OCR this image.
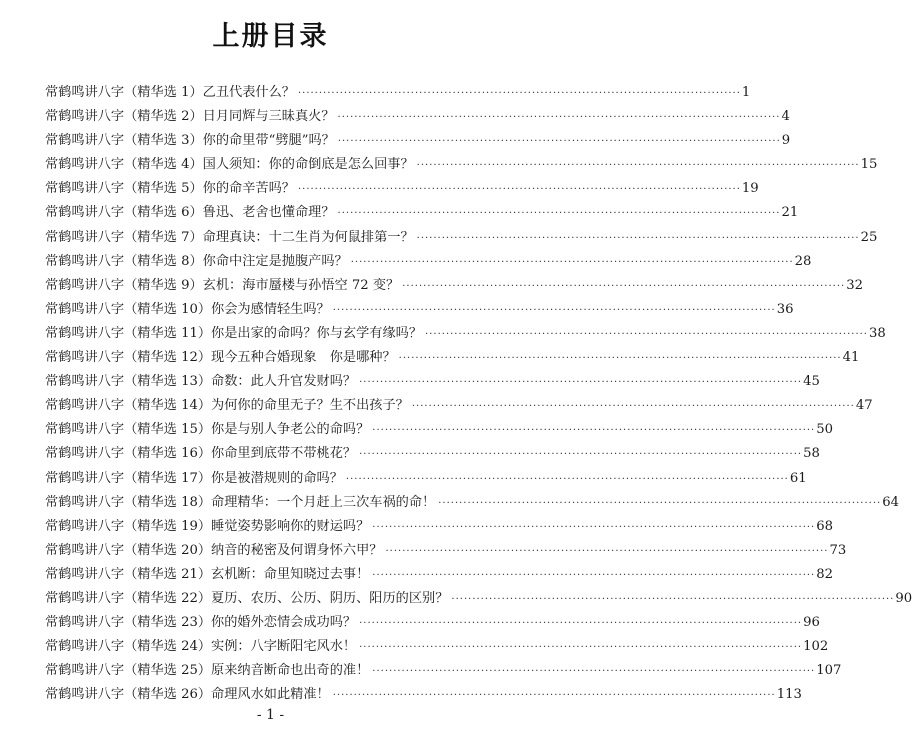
上册目录
常鹤鸣讲八字（精华选 1）乙丑代表什么？ ·····	1
常鹤鸣讲八字（精华选 2）日月同辉与三昧真火？ ·····	4
常鹤鸣讲八字（精华选 3）你的命里带“劈腿”吗？ ·····	9
常鹤鸣讲八字（精华选 4）国人须知：你的命倒底是怎么回事？ ·····	15
常鹤鸣讲八字（精华选 5）你的命辛苦吗？ ·····	19
常鹤鸣讲八字（精华选 6）鲁迅、老舍也懂命理？ ·····	21
常鹤鸣讲八字（精华选 7）命理真诀：十二生肖为何鼠排第一？ ·····	25
常鹤鸣讲八字（精华选 8）你命中注定是抛腹产吗？ ·····	28
常鹤鸣讲八字（精华选 9）玄机：海市蜃楼与孙悟空 72 变？ ·····	32
常鹤鸣讲八字（精华选 10）你会为感情轻生吗？ ·····	36
常鹤鸣讲八字（精华选 11）你是出家的命吗？你与玄学有缘吗？ ·····	38
常鹤鸣讲八字（精华选 12）现今五种合婚现象　你是哪种？ ·····	41
常鹤鸣讲八字（精华选 13）命数：此人升官发财吗？ ·····	45
常鹤鸣讲八字（精华选 14）为何你的命里无子？生不出孩子？ ·····	47
常鹤鸣讲八字（精华选 15）你是与别人争老公的命吗？ ·····	50
常鹤鸣讲八字（精华选 16）你命里到底带不带桃花？ ·····	58
常鹤鸣讲八字（精华选 17）你是被潜规则的命吗？ ·····	61
常鹤鸣讲八字（精华选 18）命理精华：一个月赶上三次车祸的命！ ·····	64
常鹤鸣讲八字（精华选 19）睡觉姿势影响你的财运吗？ ·····	68
常鹤鸣讲八字（精华选 20）纳音的秘密及何谓身怀六甲？ ·····	73
常鹤鸣讲八字（精华选 21）玄机断：命里知晓过去事！ ·····	82
常鹤鸣讲八字（精华选 22）夏历、农历、公历、阴历、阳历的区别？ ·····	90
常鹤鸣讲八字（精华选 23）你的婚外恋情会成功吗？ ·····	96
常鹤鸣讲八字（精华选 24）实例：八字断阳宅风水！ ·····	102
常鹤鸣讲八字（精华选 25）原来纳音断命也出奇的准！ ·····	107
常鹤鸣讲八字（精华选 26）命理风水如此精准！ ·····	113
- 1 -
